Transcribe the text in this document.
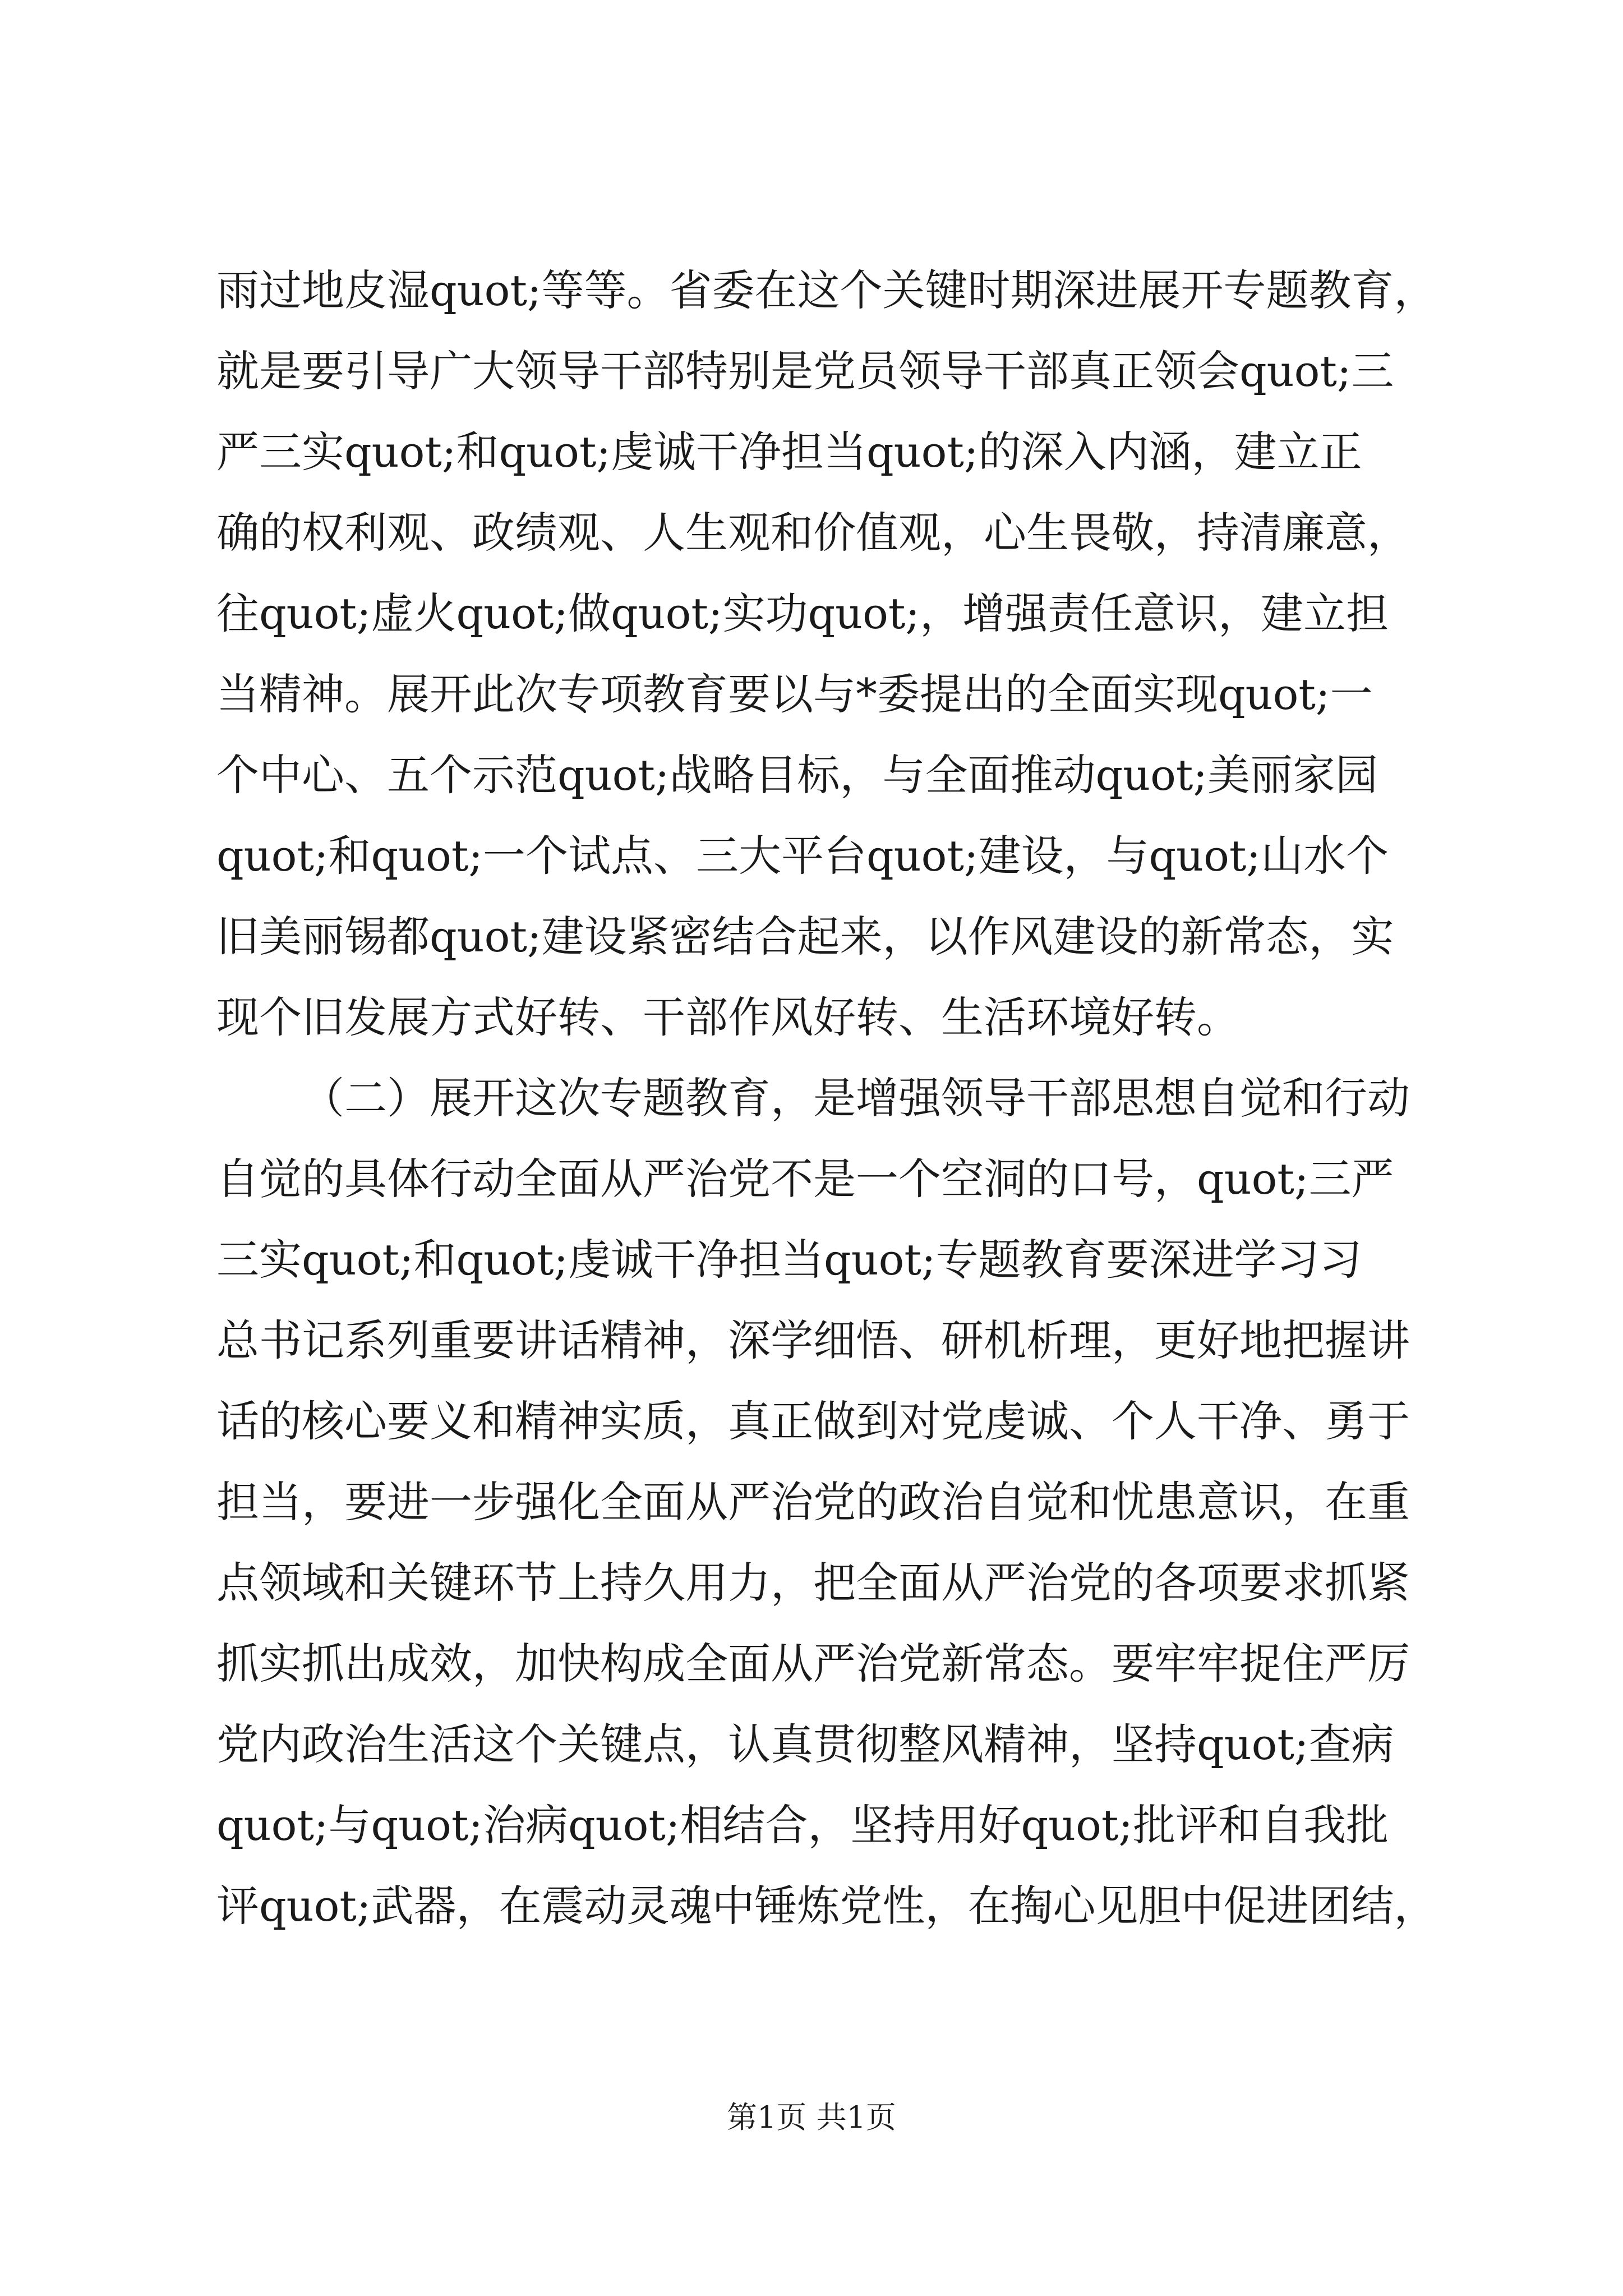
雨过地皮湿quot;等等。省委在这个关键时期深进展开专题教育，
就是要引导广大领导干部特别是党员领导干部真正领会quot;三
严三实quot;和quot;虔诚干净担当quot;的深入内涵，建立正
确的权利观、政绩观、人生观和价值观，心生畏敬，持清廉意，
往quot;虚火quot;做quot;实功quot;，增强责任意识，建立担
当精神。展开此次专项教育要以与*委提出的全面实现quot;一
个中心、五个示范quot;战略目标，与全面推动quot;美丽家园
quot;和quot;一个试点、三大平台quot;建设，与quot;山水个
旧美丽锡都quot;建设紧密结合起来，以作风建设的新常态，实
现个旧发展方式好转、干部作风好转、生活环境好转。
（二）展开这次专题教育，是增强领导干部思想自觉和行动
自觉的具体行动全面从严治党不是一个空洞的口号，quot;三严
三实quot;和quot;虔诚干净担当quot;专题教育要深进学习习
总书记系列重要讲话精神，深学细悟、研机析理，更好地把握讲
话的核心要义和精神实质，真正做到对党虔诚、个人干净、勇于
担当，要进一步强化全面从严治党的政治自觉和忧患意识，在重
点领域和关键环节上持久用力，把全面从严治党的各项要求抓紧
抓实抓出成效，加快构成全面从严治党新常态。要牢牢捉住严厉
党内政治生活这个关键点，认真贯彻整风精神，坚持quot;查病
quot;与quot;治病quot;相结合，坚持用好quot;批评和自我批
评quot;武器，在震动灵魂中锤炼党性，在掏心见胆中促进团结，
第1页 共1页
